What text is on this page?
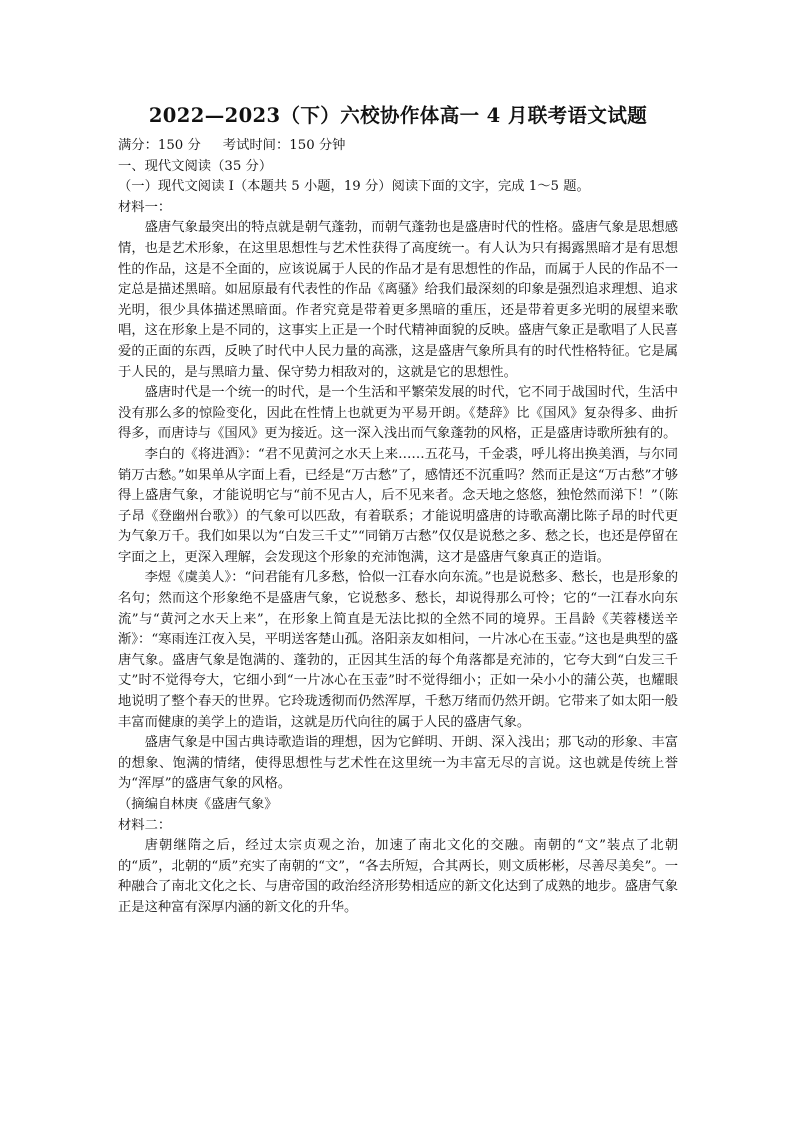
2022—2023（下）六校协作体高一 4 月联考语文试题

满分：150 分 考试时间：150 分钟

一、现代文阅读（35 分）

（一）现代文阅读 I（本题共 5 小题，19 分）阅读下面的文字，完成 1～5 题。

材料一：

盛唐气象最突出的特点就是朝气蓬勃，而朝气蓬勃也是盛唐时代的性格。盛唐气象是思想感情，也是艺术形象，在这里思想性与艺术性获得了高度统一。有人认为只有揭露黑暗才是有思想性的作品，这是不全面的，应该说属于人民的作品才是有思想性的作品，而属于人民的作品不一定总是描述黑暗。如屈原最有代表性的作品《离骚》给我们最深刻的印象是强烈追求理想、追求光明，很少具体描述黑暗面。作者究竟是带着更多黑暗的重压，还是带着更多光明的展望来歌唱，这在形象上是不同的，这事实上正是一个时代精神面貌的反映。盛唐气象正是歌唱了人民喜爱的正面的东西，反映了时代中人民力量的高涨，这是盛唐气象所具有的时代性格特征。它是属于人民的，是与黑暗力量、保守势力相敌对的，这就是它的思想性。

盛唐时代是一个统一的时代，是一个生活和平繁荣发展的时代，它不同于战国时代，生活中没有那么多的惊险变化，因此在性情上也就更为平易开朗。《楚辞》比《国风》复杂得多、曲折得多，而唐诗与《国风》更为接近。这一深入浅出而气象蓬勃的风格，正是盛唐诗歌所独有的。

李白的《将进酒》：“君不见黄河之水天上来……五花马，千金裘，呼儿将出换美酒，与尔同销万古愁。”如果单从字面上看，已经是“万古愁”了，感情还不沉重吗？然而正是这“万古愁”才够得上盛唐气象，才能说明它与“前不见古人，后不见来者。念天地之悠悠，独怆然而涕下！”（陈子昂《登幽州台歌》）的气象可以匹敌，有着联系；才能说明盛唐的诗歌高潮比陈子昂的时代更为气象万千。我们如果以为“白发三千丈”“同销万古愁”仅仅是说愁之多、愁之长，也还是停留在字面之上，更深入理解，会发现这个形象的充沛饱满，这才是盛唐气象真正的造诣。

李煜《虞美人》：“问君能有几多愁，恰似一江春水向东流。”也是说愁多、愁长，也是形象的名句；然而这个形象绝不是盛唐气象，它说愁多、愁长，却说得那么可怜；它的“一江春水向东流”与“黄河之水天上来”，在形象上简直是无法比拟的全然不同的境界。王昌龄《芙蓉楼送辛渐》：“寒雨连江夜入吴，平明送客楚山孤。洛阳亲友如相问，一片冰心在玉壶。”这也是典型的盛唐气象。盛唐气象是饱满的、蓬勃的，正因其生活的每个角落都是充沛的，它夸大到“白发三千丈”时不觉得夸大，它细小到“一片冰心在玉壶”时不觉得细小；正如一朵小小的蒲公英，也耀眼地说明了整个春天的世界。它玲珑透彻而仍然浑厚，千愁万绪而仍然开朗。它带来了如太阳一般丰富而健康的美学上的造诣，这就是历代向往的属于人民的盛唐气象。

盛唐气象是中国古典诗歌造诣的理想，因为它鲜明、开朗、深入浅出；那飞动的形象、丰富的想象、饱满的情绪，使得思想性与艺术性在这里统一为丰富无尽的言说。这也就是传统上誉为“浑厚”的盛唐气象的风格。

（摘编自林庚《盛唐气象》

材料二：

唐朝继隋之后，经过太宗贞观之治，加速了南北文化的交融。南朝的“文”装点了北朝的“质”，北朝的“质”充实了南朝的“文”，“各去所短，合其两长，则文质彬彬，尽善尽美矣”。一种融合了南北文化之长、与唐帝国的政治经济形势相适应的新文化达到了成熟的地步。盛唐气象正是这种富有深厚内涵的新文化的升华。
